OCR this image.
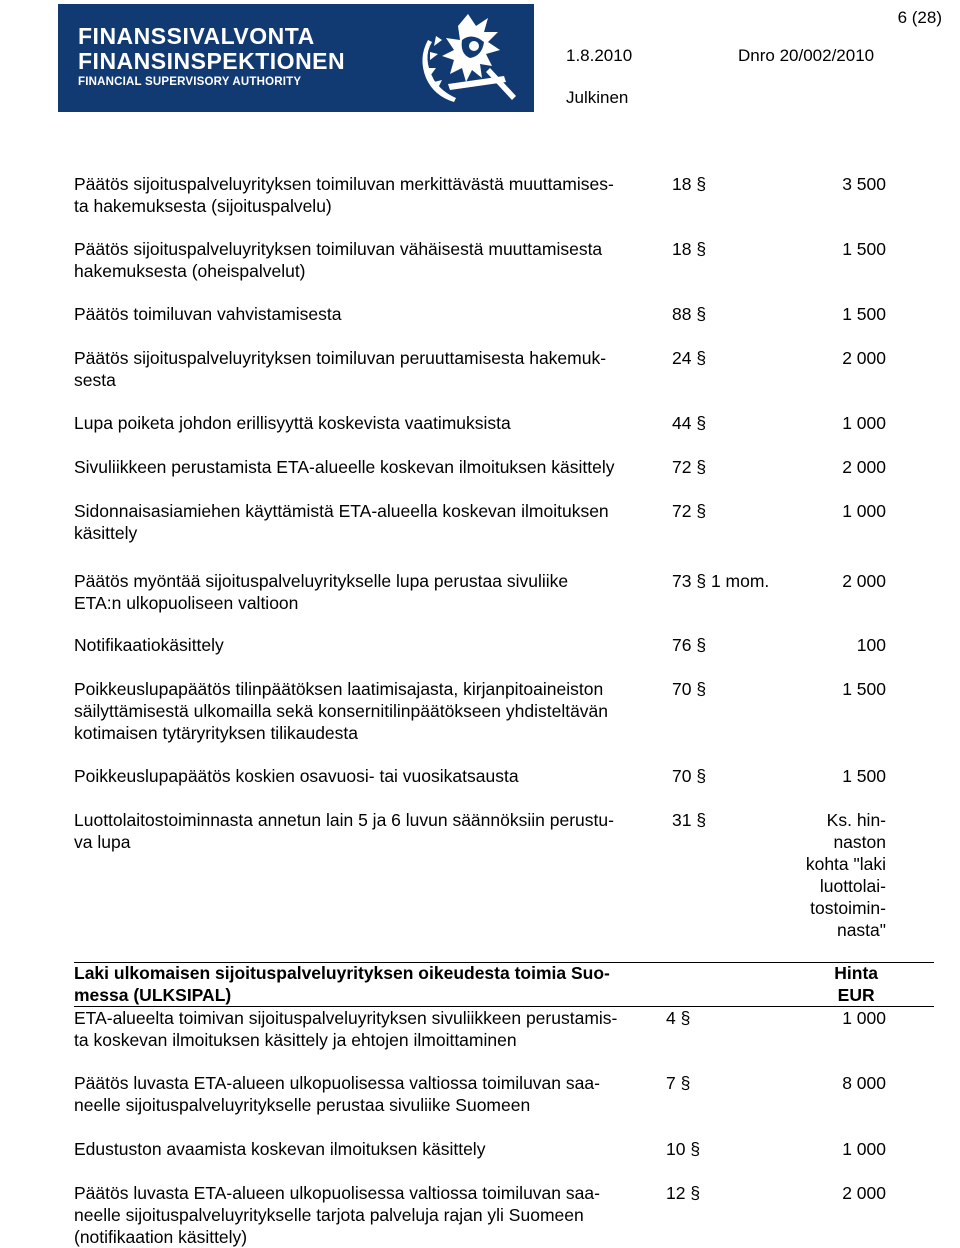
FINANSSIVALVONTA
FINANSINSPEKTIONEN
FINANCIAL SUPERVISORY AUTHORITY
6 (28)
1.8.2010	Dnro 20/002/2010
Julkinen
Päätös sijoituspalveluyrityksen toimiluvan merkittävästä muuttamises-
ta hakemuksesta (sijoituspalvelu)
18 §	3 500
Päätös sijoituspalveluyrityksen toimiluvan vähäisestä muuttamisesta
hakemuksesta (oheispalvelut)
18 §	1 500
Päätös toimiluvan vahvistamisesta	88 §	1 500
Päätös sijoituspalveluyrityksen toimiluvan peruuttamisesta hakemuk-
sesta
24 §	2 000
Lupa poiketa johdon erillisyyttä koskevista vaatimuksista	44 §	1 000
Sivuliikkeen perustamista ETA-alueelle koskevan ilmoituksen käsittely	72 §	2 000
Sidonnaisasiamiehen käyttämistä ETA-alueella koskevan ilmoituksen
käsittely
72 §	1 000
Päätös myöntää sijoituspalveluyritykselle lupa perustaa sivuliike
ETA:n ulkopuoliseen valtioon
73 § 1 mom.	2 000
Notifikaatiokäsittely	76 §	100
Poikkeuslupapäätös tilinpäätöksen laatimisajasta, kirjanpitoaineiston
säilyttämisestä ulkomailla sekä konsernitilinpäätökseen yhdisteltävän
kotimaisen tytäryrityksen tilikaudesta
70 §	1 500
Poikkeuslupapäätös koskien osavuosi- tai vuosikatsausta	70 §	1 500
Luottolaitostoiminnasta annetun lain 5 ja 6 luvun säännöksiin perustu-
va lupa
31 §	Ks. hin-
naston
kohta "laki
luottolai-
tostoimin-
nasta"
Laki ulkomaisen sijoituspalveluyrityksen oikeudesta toimia Suo-
messa (ULKSIPAL)
Hinta
EUR
ETA-alueelta toimivan sijoituspalveluyrityksen sivuliikkeen perustamis-
ta koskevan ilmoituksen käsittely ja ehtojen ilmoittaminen
4 §	1 000
Päätös luvasta ETA-alueen ulkopuolisessa valtiossa toimiluvan saa-
neelle sijoituspalveluyritykselle perustaa sivuliike Suomeen
7 §	8 000
Edustuston avaamista koskevan ilmoituksen käsittely	10 §	1 000
Päätös luvasta ETA-alueen ulkopuolisessa valtiossa toimiluvan saa-
neelle sijoituspalveluyritykselle tarjota palveluja rajan yli Suomeen
(notifikaation käsittely)
12 §	2 000
